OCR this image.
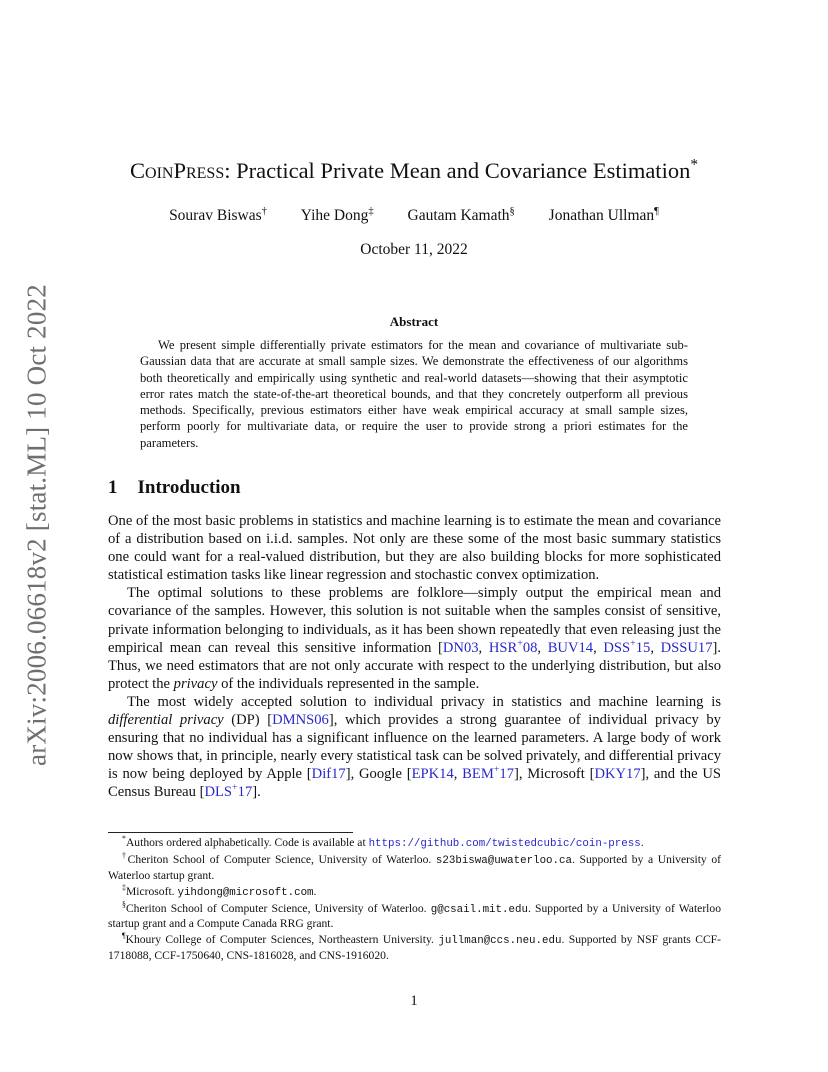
arXiv:2006.06618v2 [stat.ML] 10 Oct 2022
CoinPress: Practical Private Mean and Covariance Estimation*
Sourav Biswas† Yihe Dong‡ Gautam Kamath§ Jonathan Ullman¶
October 11, 2022
Abstract
We present simple differentially private estimators for the mean and covariance of multivariate sub-Gaussian data that are accurate at small sample sizes. We demonstrate the effectiveness of our algorithms both theoretically and empirically using synthetic and real-world datasets—showing that their asymptotic error rates match the state-of-the-art theoretical bounds, and that they concretely outperform all previous methods. Specifically, previous estimators either have weak empirical accuracy at small sample sizes, perform poorly for multivariate data, or require the user to provide strong a priori estimates for the parameters.
1 Introduction

One of the most basic problems in statistics and machine learning is to estimate the mean and covariance of a distribution based on i.i.d. samples. Not only are these some of the most basic summary statistics one could want for a real-valued distribution, but they are also building blocks for more sophisticated statistical estimation tasks like linear regression and stochastic convex optimization.

The optimal solutions to these problems are folklore—simply output the empirical mean and covariance of the samples. However, this solution is not suitable when the samples consist of sensitive, private information belonging to individuals, as it has been shown repeatedly that even releasing just the empirical mean can reveal this sensitive information [DN03, HSR+08, BUV14, DSS+15, DSSU17]. Thus, we need estimators that are not only accurate with respect to the underlying distribution, but also protect the privacy of the individuals represented in the sample.

The most widely accepted solution to individual privacy in statistics and machine learning is differential privacy (DP) [DMNS06], which provides a strong guarantee of individual privacy by ensuring that no individual has a significant influence on the learned parameters. A large body of work now shows that, in principle, nearly every statistical task can be solved privately, and differential privacy is now being deployed by Apple [Dif17], Google [EPK14, BEM+17], Microsoft [DKY17], and the US Census Bureau [DLS+17].

*Authors ordered alphabetically. Code is available at https://github.com/twistedcubic/coin-press.

†Cheriton School of Computer Science, University of Waterloo. s23biswa@uwaterloo.ca. Supported by a University of Waterloo startup grant.

‡Microsoft. yihdong@microsoft.com.

§Cheriton School of Computer Science, University of Waterloo. g@csail.mit.edu. Supported by a University of Waterloo startup grant and a Compute Canada RRG grant.

¶Khoury College of Computer Sciences, Northeastern University. jullman@ccs.neu.edu. Supported by NSF grants CCF-1718088, CCF-1750640, CNS-1816028, and CNS-1916020.

1
